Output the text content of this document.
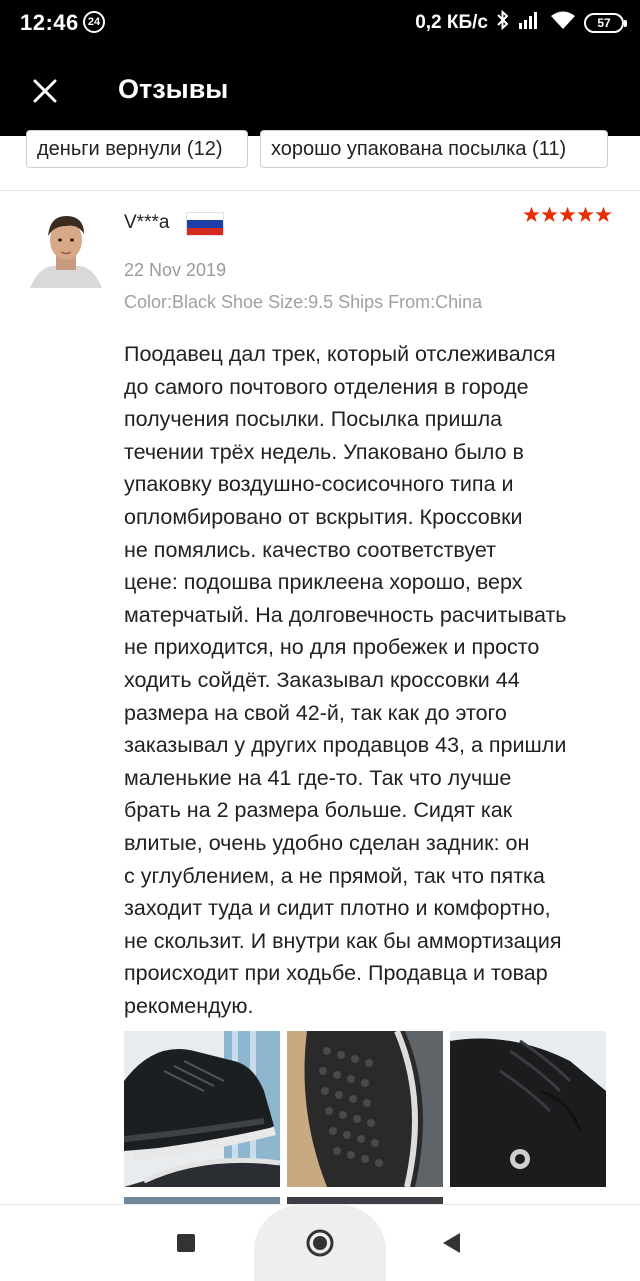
12:46 24	0,2 КБ/с	57
Отзывы
деньги вернули (12) хорошо упакована посылка (11)
V***a
22 Nov 2019
Color:Black Shoe Size:9.5 Ships From:China
Поодавец дал трек, который отслеживался
до самого почтового отделения в городе
получения посылки. Посылка пришла
течении трёх недель. Упаковано было в
упаковку воздушно-сосисочного типа и
опломбировано от вскрытия. Кроссовки
не помялись. качество соответствует
цене: подошва приклеена хорошо, верх
матерчатый. На долговечность расчитывать
не приходится, но для пробежек и просто
ходить сойдёт. Заказывал кроссовки 44
размера на свой 42-й, так как до этого
заказывал у других продавцов 43, а пришли
маленькие на 41 где-то. Так что лучше
брать на 2 размера больше. Сидят как
влитые, очень удобно сделан задник: он
с углублением, а не прямой, так что пятка
заходит туда и сидит плотно и комфортно,
не скользит. И внутри как бы аммортизация
происходит при ходьбе. Продавца и товар
рекомендую.
